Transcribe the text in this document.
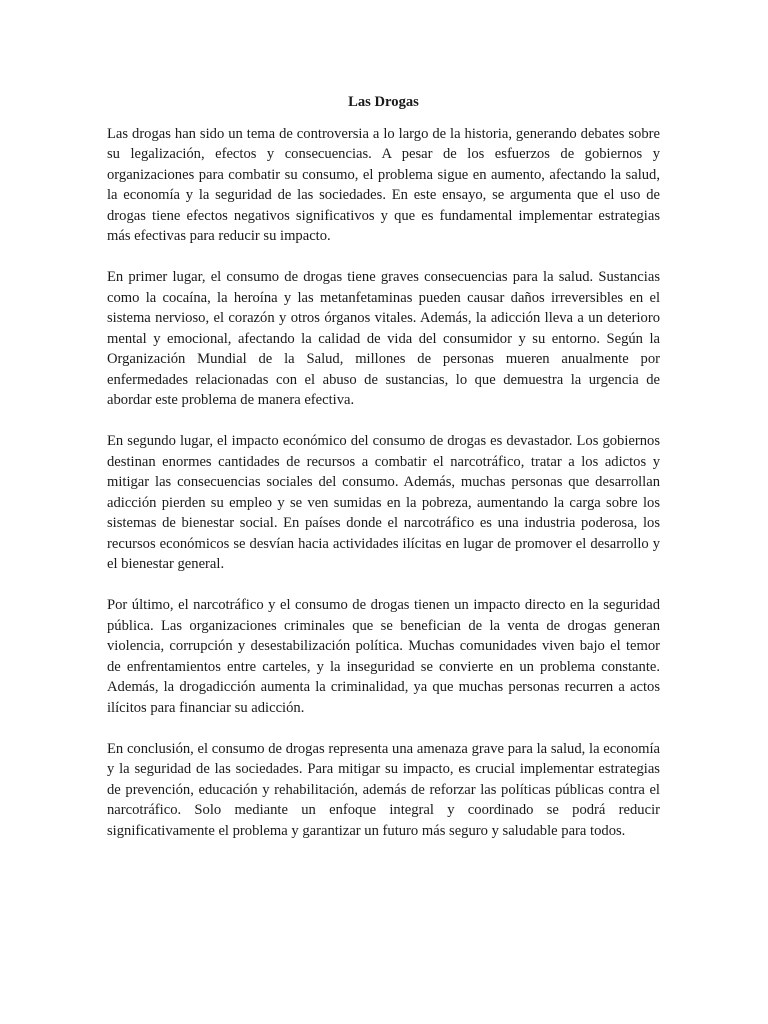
Las Drogas

Las drogas han sido un tema de controversia a lo largo de la historia, generando debates sobre su legalización, efectos y consecuencias. A pesar de los esfuerzos de gobiernos y organizaciones para combatir su consumo, el problema sigue en aumento, afectando la salud, la economía y la seguridad de las sociedades. En este ensayo, se argumenta que el uso de drogas tiene efectos negativos significativos y que es fundamental implementar estrategias más efectivas para reducir su impacto.

En primer lugar, el consumo de drogas tiene graves consecuencias para la salud. Sustancias como la cocaína, la heroína y las metanfetaminas pueden causar daños irreversibles en el sistema nervioso, el corazón y otros órganos vitales. Además, la adicción lleva a un deterioro mental y emocional, afectando la calidad de vida del consumidor y su entorno. Según la Organización Mundial de la Salud, millones de personas mueren anualmente por enfermedades relacionadas con el abuso de sustancias, lo que demuestra la urgencia de abordar este problema de manera efectiva.

En segundo lugar, el impacto económico del consumo de drogas es devastador. Los gobiernos destinan enormes cantidades de recursos a combatir el narcotráfico, tratar a los adictos y mitigar las consecuencias sociales del consumo. Además, muchas personas que desarrollan adicción pierden su empleo y se ven sumidas en la pobreza, aumentando la carga sobre los sistemas de bienestar social. En países donde el narcotráfico es una industria poderosa, los recursos económicos se desvían hacia actividades ilícitas en lugar de promover el desarrollo y el bienestar general.

Por último, el narcotráfico y el consumo de drogas tienen un impacto directo en la seguridad pública. Las organizaciones criminales que se benefician de la venta de drogas generan violencia, corrupción y desestabilización política. Muchas comunidades viven bajo el temor de enfrentamientos entre carteles, y la inseguridad se convierte en un problema constante. Además, la drogadicción aumenta la criminalidad, ya que muchas personas recurren a actos ilícitos para financiar su adicción.

En conclusión, el consumo de drogas representa una amenaza grave para la salud, la economía y la seguridad de las sociedades. Para mitigar su impacto, es crucial implementar estrategias de prevención, educación y rehabilitación, además de reforzar las políticas públicas contra el narcotráfico. Solo mediante un enfoque integral y coordinado se podrá reducir significativamente el problema y garantizar un futuro más seguro y saludable para todos.
